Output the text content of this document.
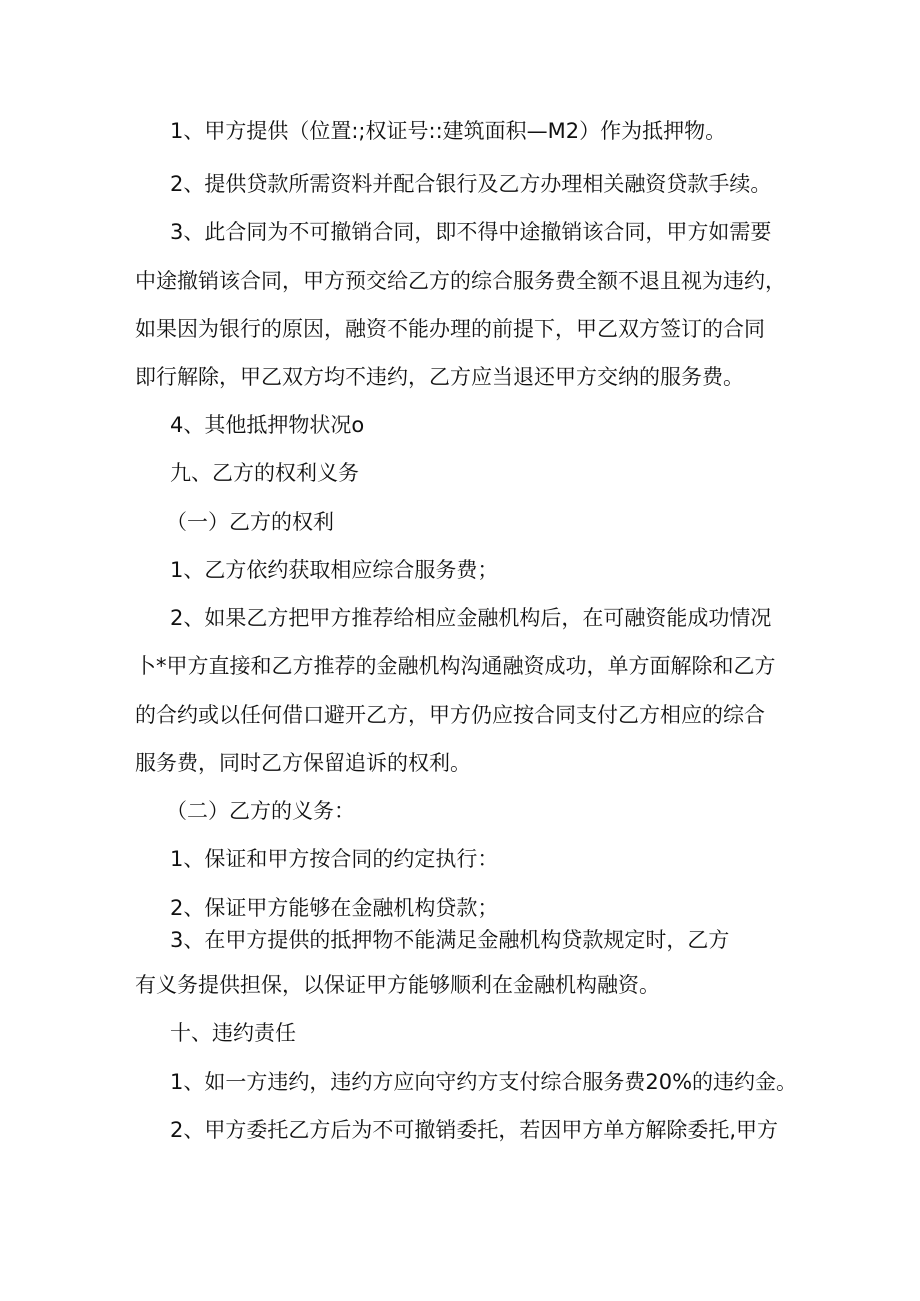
1、甲方提供（位置:;权证号::建筑面积—M2）作为抵押物。

2、提供贷款所需资料并配合银行及乙方办理相关融资贷款手续。

3、此合同为不可撤销合同，即不得中途撤销该合同，甲方如需要

中途撤销该合同，甲方预交给乙方的综合服务费全额不退且视为违约，

如果因为银行的原因，融资不能办理的前提下，甲乙双方签订的合同

即行解除，甲乙双方均不违约，乙方应当退还甲方交纳的服务费。

4、其他抵押物状况o

九、乙方的权利义务

（一）乙方的权利

1、乙方依约获取相应综合服务费；

2、如果乙方把甲方推荐给相应金融机构后，在可融资能成功情况

卜*甲方直接和乙方推荐的金融机构沟通融资成功，单方面解除和乙方

的合约或以任何借口避开乙方，甲方仍应按合同支付乙方相应的综合

服务费，同时乙方保留追诉的权利。

（二）乙方的义务：

1、保证和甲方按合同的约定执行：

2、保证甲方能够在金融机构贷款；

3、在甲方提供的抵押物不能满足金融机构贷款规定时，乙方

有义务提供担保，以保证甲方能够顺利在金融机构融资。

十、违约责任

1、如一方违约，违约方应向守约方支付综合服务费20%的违约金。

2、甲方委托乙方后为不可撤销委托，若因甲方单方解除委托,甲方
